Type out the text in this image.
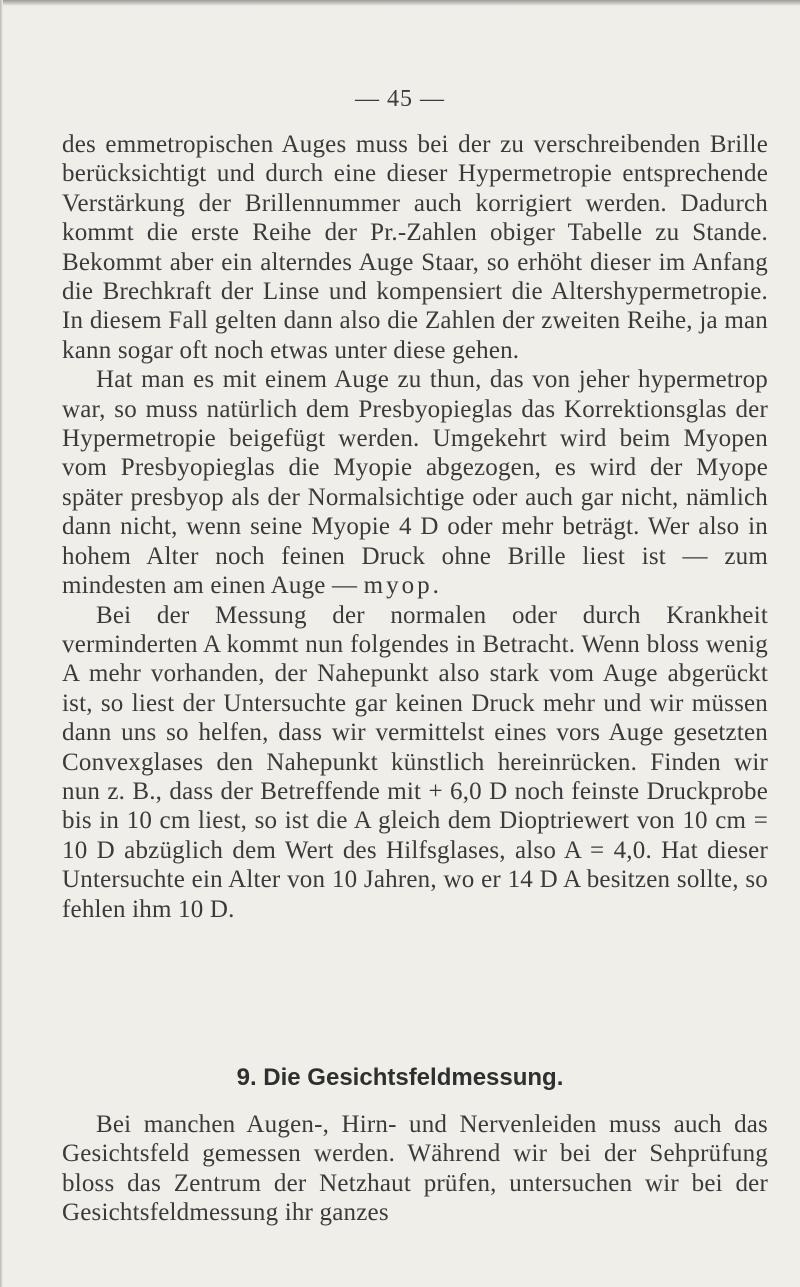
— 45 —

des emmetropischen Auges muss bei der zu verschreibenden Brille berücksichtigt und durch eine dieser Hypermetropie entsprechende Verstärkung der Brillennummer auch korrigiert werden. Dadurch kommt die erste Reihe der Pr.-Zahlen obiger Tabelle zu Stande. Bekommt aber ein alterndes Auge Staar, so erhöht dieser im Anfang die Brechkraft der Linse und kompensiert die Altershypermetropie. In diesem Fall gelten dann also die Zahlen der zweiten Reihe, ja man kann sogar oft noch etwas unter diese gehen.

Hat man es mit einem Auge zu thun, das von jeher hypermetrop war, so muss natürlich dem Presbyopieglas das Korrektionsglas der Hypermetropie beigefügt werden. Umgekehrt wird beim Myopen vom Presbyopieglas die Myopie abgezogen, es wird der Myope später presbyop als der Normalsichtige oder auch gar nicht, nämlich dann nicht, wenn seine Myopie 4 D oder mehr beträgt. Wer also in hohem Alter noch feinen Druck ohne Brille liest ist — zum mindesten am einen Auge — myop.

Bei der Messung der normalen oder durch Krankheit verminderten A kommt nun folgendes in Betracht. Wenn bloss wenig A mehr vorhanden, der Nahepunkt also stark vom Auge abgerückt ist, so liest der Untersuchte gar keinen Druck mehr und wir müssen dann uns so helfen, dass wir vermittelst eines vors Auge gesetzten Convexglases den Nahepunkt künstlich hereinrücken. Finden wir nun z. B., dass der Betreffende mit + 6,0 D noch feinste Druckprobe bis in 10 cm liest, so ist die A gleich dem Dioptriewert von 10 cm = 10 D abzüglich dem Wert des Hilfsglases, also A = 4,0. Hat dieser Untersuchte ein Alter von 10 Jahren, wo er 14 D A besitzen sollte, so fehlen ihm 10 D.

9. Die Gesichtsfeldmessung.

Bei manchen Augen-, Hirn- und Nervenleiden muss auch das Gesichtsfeld gemessen werden. Während wir bei der Sehprüfung bloss das Zentrum der Netzhaut prüfen, untersuchen wir bei der Gesichtsfeldmessung ihr ganzes
